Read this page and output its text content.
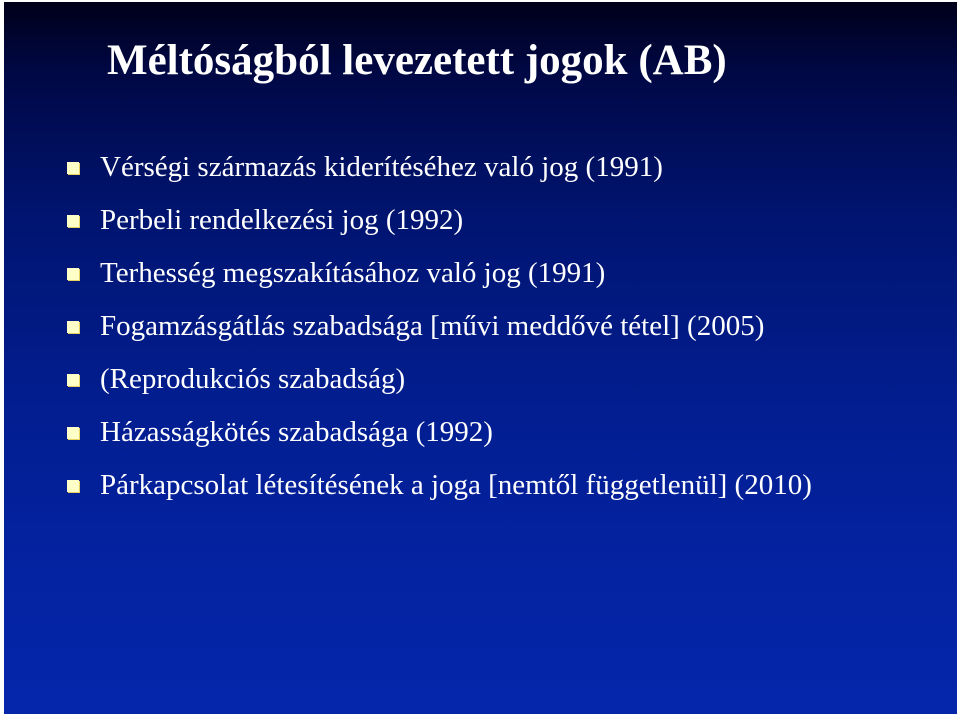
Méltóságból levezetett jogok (AB)
Vérségi származás kiderítéséhez való jog (1991)
Perbeli rendelkezési jog (1992)
Terhesség megszakításához való jog (1991)
Fogamzásgátlás szabadsága [művi meddővé tétel] (2005)
(Reprodukciós szabadság)
Házasságkötés szabadsága (1992)
Párkapcsolat létesítésének a joga [nemtől függetlenül] (2010)
